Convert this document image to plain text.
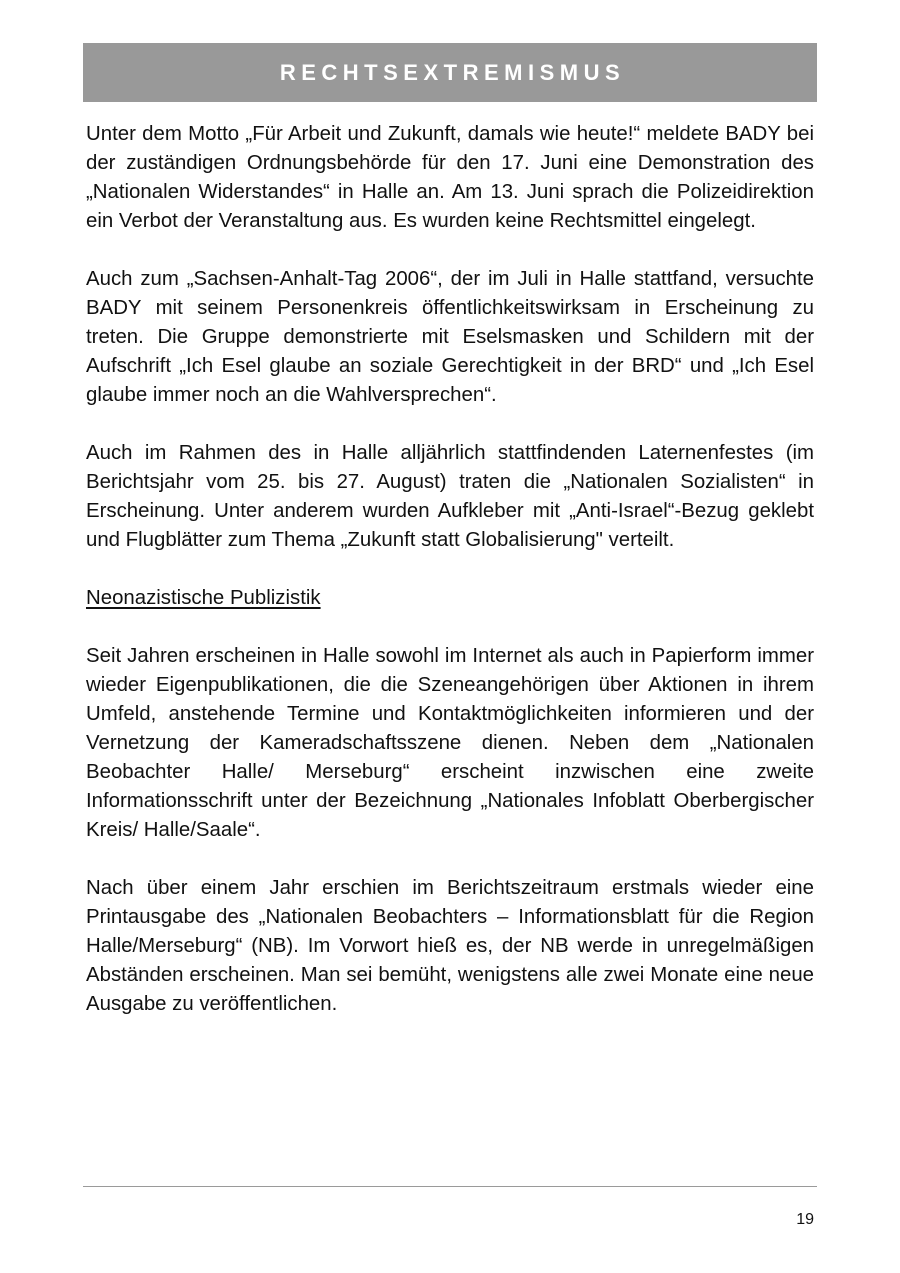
RECHTSEXTREMISMUS

Unter dem Motto „Für Arbeit und Zukunft, damals wie heute!“ meldete BADY bei der zuständigen Ordnungsbehörde für den 17. Juni eine Demonstration des „Nationalen Widerstandes“ in Halle an. Am 13. Juni sprach die Polizeidirektion ein Verbot der Veranstaltung aus. Es wurden keine Rechtsmittel eingelegt.

Auch zum „Sachsen-Anhalt-Tag 2006“, der im Juli in Halle stattfand, versuchte BADY mit seinem Personenkreis öffentlichkeitswirksam in Erscheinung zu treten. Die Gruppe demonstrierte mit Eselsmasken und Schildern mit der Aufschrift „Ich Esel glaube an soziale Gerechtigkeit in der BRD“ und „Ich Esel glaube immer noch an die Wahlversprechen“.

Auch im Rahmen des in Halle alljährlich stattfindenden Laternenfestes (im Berichtsjahr vom 25. bis 27. August) traten die „Nationalen Sozialisten“ in Erscheinung. Unter anderem wurden Aufkleber mit „Anti-Israel“-Bezug geklebt und Flugblätter zum Thema „Zukunft statt Globalisierung" verteilt.

Neonazistische Publizistik

Seit Jahren erscheinen in Halle sowohl im Internet als auch in Papierform immer wieder Eigenpublikationen, die die Szeneangehörigen über Aktionen in ihrem Umfeld, anstehende Termine und Kontaktmöglichkeiten informieren und der Vernetzung der Kameradschaftsszene dienen. Neben dem „Nationalen Beobachter Halle/ Merseburg“ erscheint inzwischen eine zweite Informationsschrift unter der Bezeichnung „Nationales Infoblatt Oberbergischer Kreis/ Halle/Saale“.

Nach über einem Jahr erschien im Berichtszeitraum erstmals wieder eine Printausgabe des „Nationalen Beobachters – Informationsblatt für die Region Halle/Merseburg“ (NB). Im Vorwort hieß es, der NB werde in unregelmäßigen Abständen erscheinen. Man sei bemüht, wenigstens alle zwei Monate eine neue Ausgabe zu veröffentlichen.

19
